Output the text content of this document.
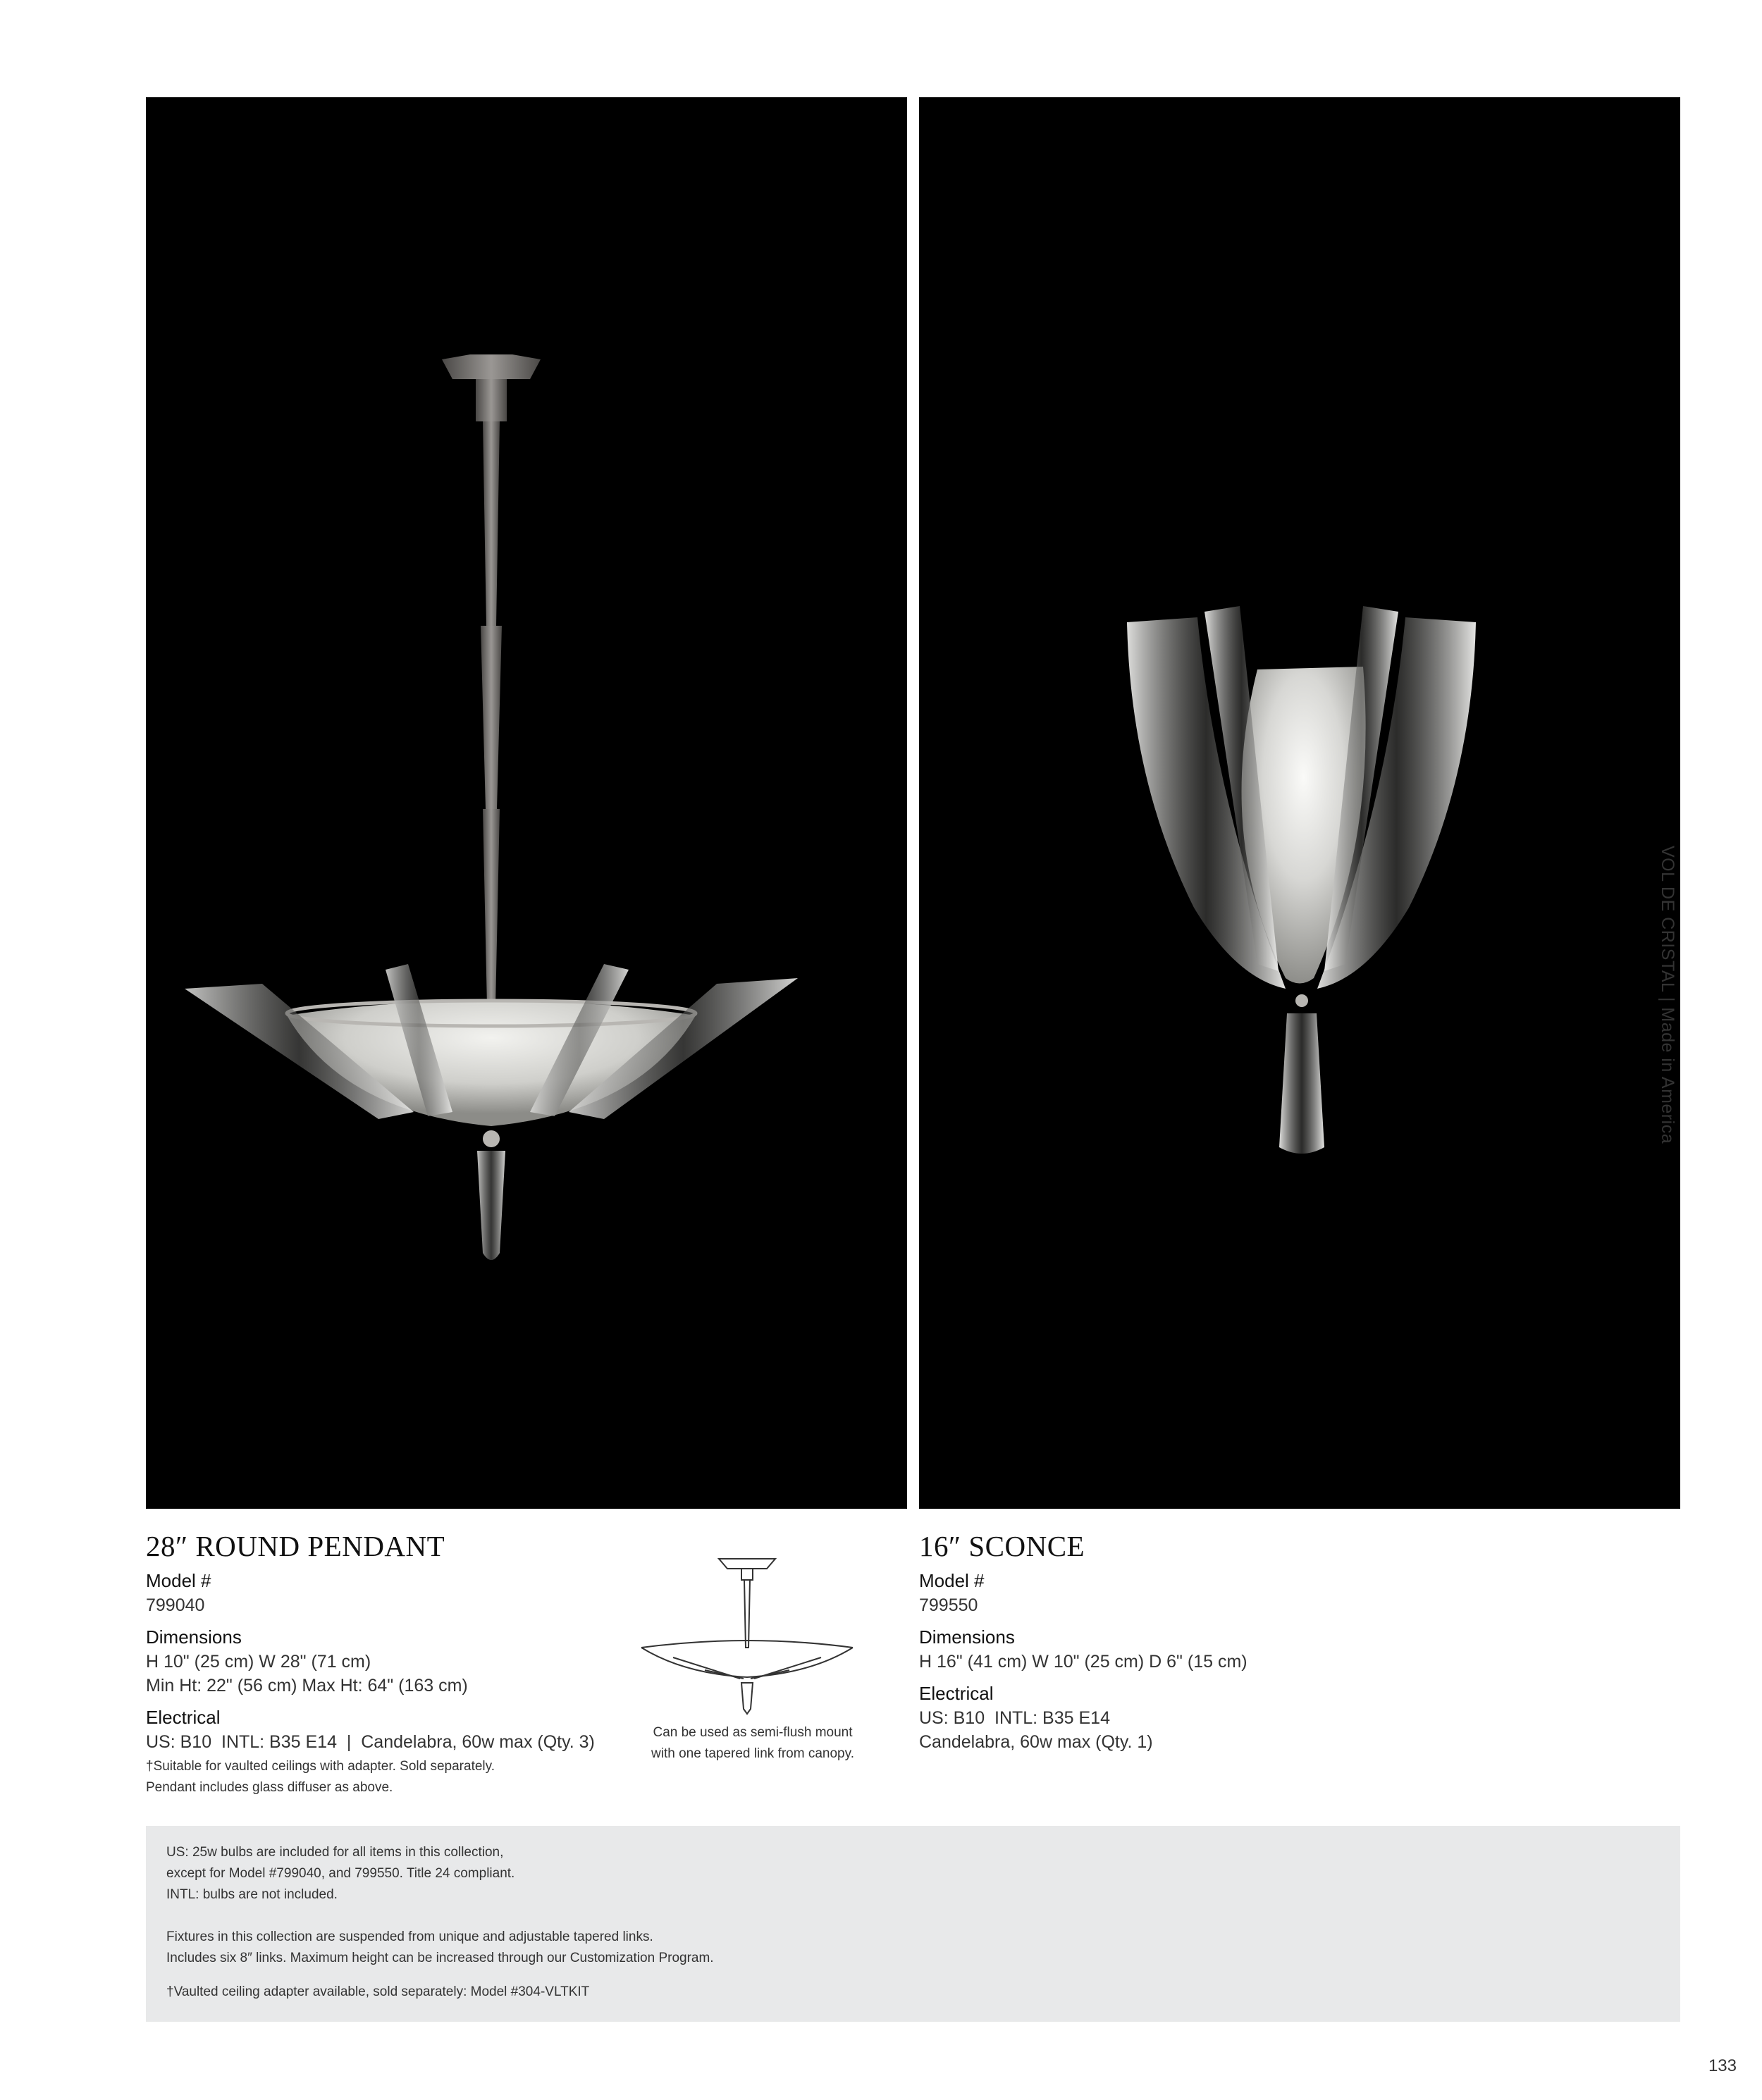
VOL DE CRISTAL | Made in America
28″ ROUND PENDANT
Model #
799040
Dimensions
H 10" (25 cm) W 28" (71 cm)
Min Ht: 22" (56 cm) Max Ht: 64" (163 cm)
Electrical
US: B10  INTL: B35 E14  |  Candelabra, 60w max (Qty. 3)
†Suitable for vaulted ceilings with adapter. Sold separately.
Pendant includes glass diffuser as above.
Can be used as semi-flush mount
with one tapered link from canopy.
16″ SCONCE
Model #
799550
Dimensions
H 16" (41 cm) W 10" (25 cm) D 6" (15 cm)
Electrical
US: B10  INTL: B35 E14
Candelabra, 60w max (Qty. 1)
US: 25w bulbs are included for all items in this collection,
except for Model #799040, and 799550. Title 24 compliant.
INTL: bulbs are not included.
Fixtures in this collection are suspended from unique and adjustable tapered links.
Includes six 8″ links. Maximum height can be increased through our Customization Program.
†Vaulted ceiling adapter available, sold separately: Model #304-VLTKIT
133
